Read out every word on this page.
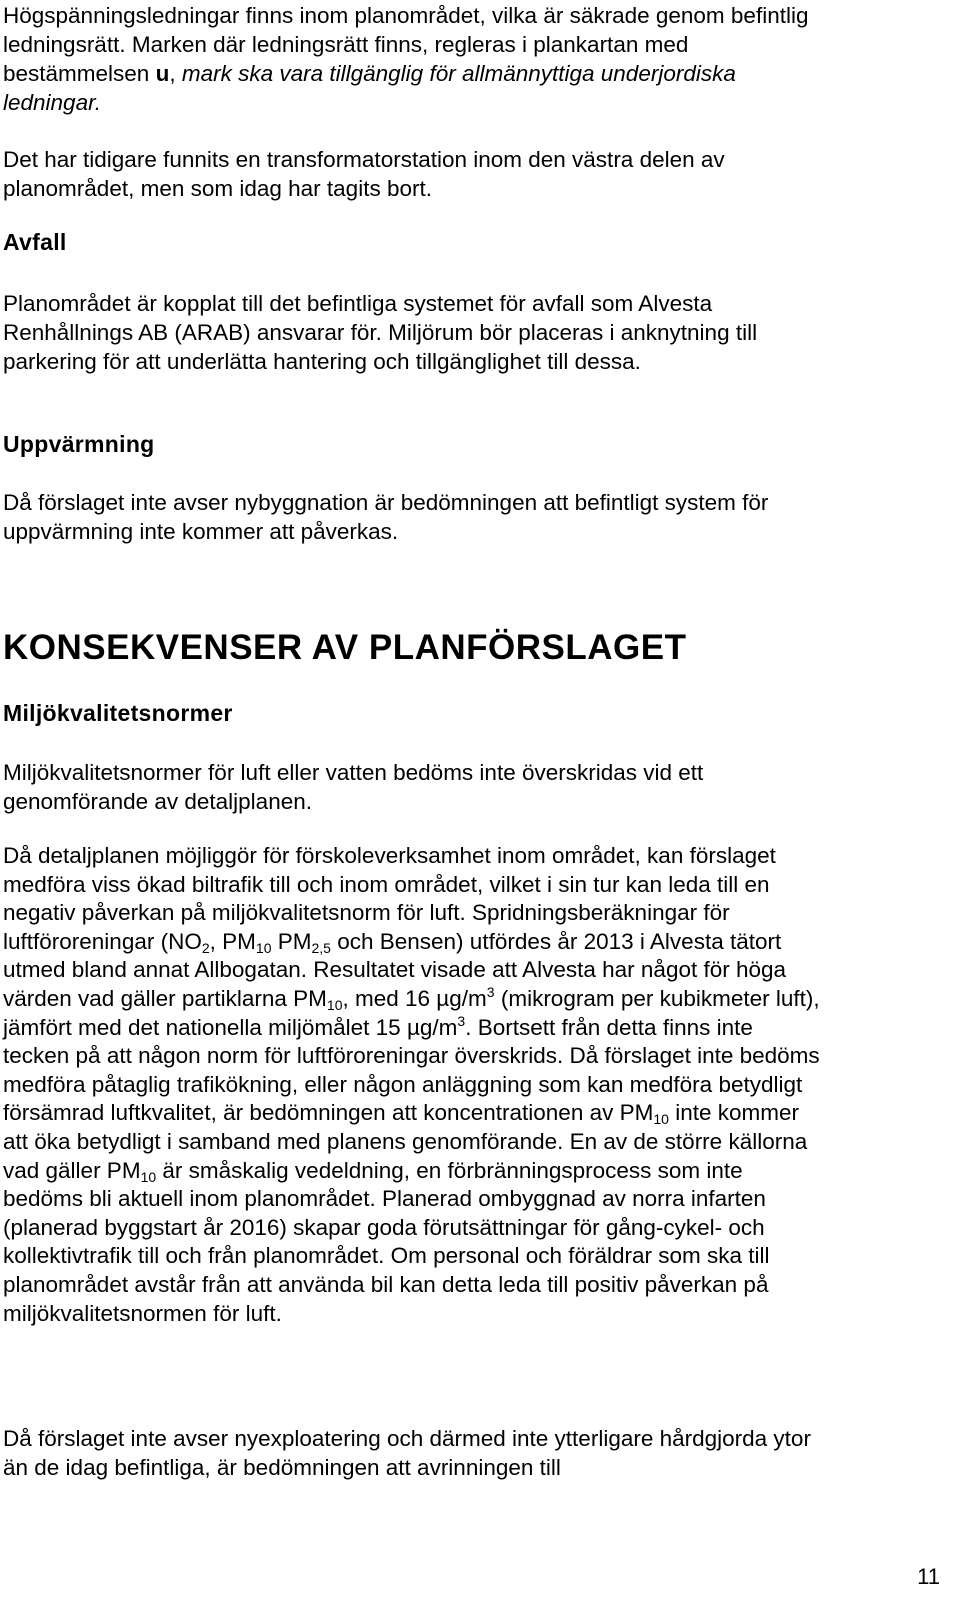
Högspänningsledningar finns inom planområdet, vilka är säkrade genom befintlig ledningsrätt. Marken där ledningsrätt finns, regleras i plankartan med bestämmelsen u, mark ska vara tillgänglig för allmännyttiga underjordiska ledningar.

Det har tidigare funnits en transformatorstation inom den västra delen av planområdet, men som idag har tagits bort.

Avfall

Planområdet är kopplat till det befintliga systemet för avfall som Alvesta Renhållnings AB (ARAB) ansvarar för. Miljörum bör placeras i anknytning till parkering för att underlätta hantering och tillgänglighet till dessa.

Uppvärmning

Då förslaget inte avser nybyggnation är bedömningen att befintligt system för uppvärmning inte kommer att påverkas.

KONSEKVENSER AV PLANFÖRSLAGET
Miljökvalitetsnormer

Miljökvalitetsnormer för luft eller vatten bedöms inte överskridas vid ett genomförande av detaljplanen.

Då detaljplanen möjliggör för förskoleverksamhet inom området, kan förslaget medföra viss ökad biltrafik till och inom området, vilket i sin tur kan leda till en negativ påverkan på miljökvalitetsnorm för luft. Spridningsberäkningar för luftföroreningar ($NO_2$, $PM_{10}$ $PM_{2,5}$ och Bensen) utfördes år 2013 i Alvesta tätort utmed bland annat Allbogatan. Resultatet visade att Alvesta har något för höga värden vad gäller partiklarna $PM_{10}$, med 16 $\mu g/m^3$ (mikrogram per kubikmeter luft), jämfört med det nationella miljömålet 15 $\mu g/m^3$. Bortsett från detta finns inte tecken på att någon norm för luftföroreningar överskrids. Då förslaget inte bedöms medföra påtaglig trafikökning, eller någon anläggning som kan medföra betydligt försämrad luftkvalitet, är bedömningen att koncentrationen av $PM_{10}$ inte kommer att öka betydligt i samband med planens genomförande. En av de större källorna vad gäller $PM_{10}$ är småskalig vedeldning, en förbränningsprocess som inte bedöms bli aktuell inom planområdet. Planerad ombyggnad av norra infarten (planerad byggstart år 2016) skapar goda förutsättningar för gång-cykel- och kollektivtrafik till och från planområdet. Om personal och föräldrar som ska till planområdet avstår från att använda bil kan detta leda till positiv påverkan på miljökvalitetsnormen för luft.

Då förslaget inte avser nyexploatering och därmed inte ytterligare hårdgjorda ytor än de idag befintliga, är bedömningen att avrinningen till

11
